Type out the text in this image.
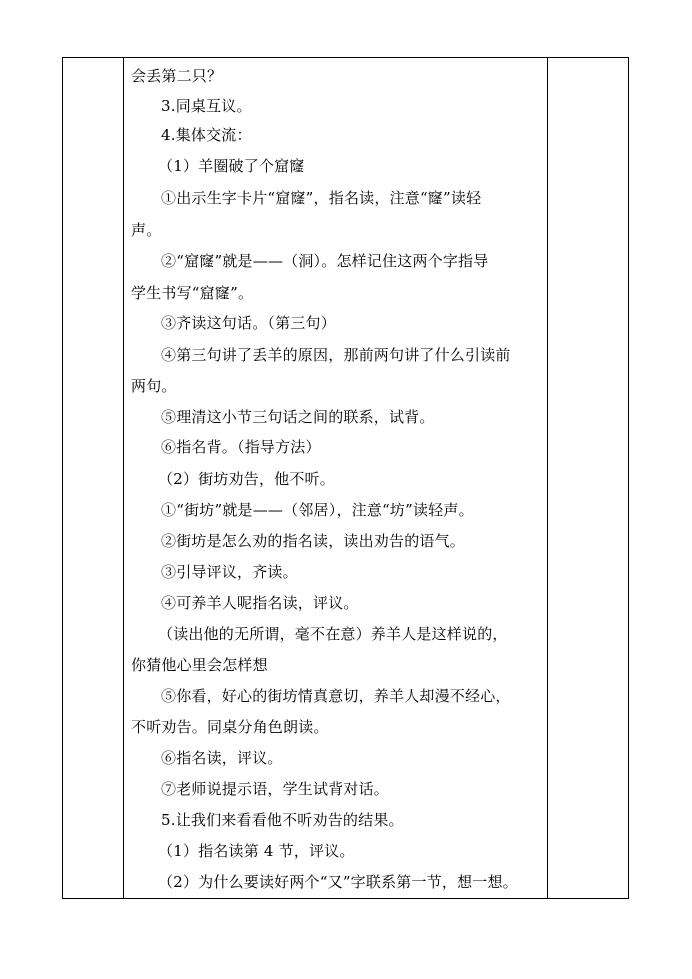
会丢第二只？
3.同桌互议。
4.集体交流：
（1）羊圈破了个窟窿
①出示生字卡片“窟窿”，指名读，注意“窿”读轻
声。
②“窟窿”就是——（洞）。怎样记住这两个字指导
学生书写“窟窿”。
③齐读这句话。（第三句）
④第三句讲了丢羊的原因，那前两句讲了什么引读前
两句。
⑤理清这小节三句话之间的联系，试背。
⑥指名背。（指导方法）
（2）街坊劝告，他不听。
①“街坊”就是——（邻居），注意“坊”读轻声。
②街坊是怎么劝的指名读，读出劝告的语气。
③引导评议，齐读。
④可养羊人呢指名读，评议。
（读出他的无所谓，毫不在意）养羊人是这样说的，
你猜他心里会怎样想
⑤你看，好心的街坊情真意切，养羊人却漫不经心，
不听劝告。同桌分角色朗读。
⑥指名读，评议。
⑦老师说提示语，学生试背对话。
5.让我们来看看他不听劝告的结果。
（1）指名读第 4 节，评议。
（2）为什么要读好两个“又”字联系第一节，想一想。
